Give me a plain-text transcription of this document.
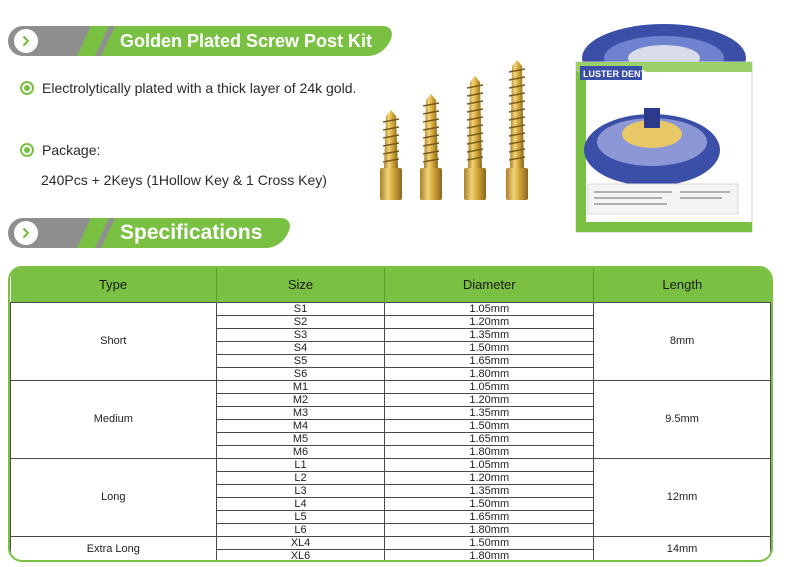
Golden Plated Screw Post Kit
Electrolytically plated with a thick layer of 24k gold.
Package:
240Pcs + 2Keys (1Hollow Key & 1 Cross Key)
LUSTER DENT
Specifications
Type	Size	Diameter	Length
Short	S1	1.05mm	8mm
	S2	1.20mm	
	S3	1.35mm	
	S4	1.50mm	
	S5	1.65mm	
	S6	1.80mm	
Medium	M1	1.05mm	9.5mm
	M2	1.20mm	
	M3	1.35mm	
	M4	1.50mm	
	M5	1.65mm	
	M6	1.80mm	
Long	L1	1.05mm	12mm
	L2	1.20mm	
	L3	1.35mm	
	L4	1.50mm	
	L5	1.65mm	
	L6	1.80mm	
Extra Long	XL4	1.50mm	14mm
	XL6	1.80mm	
